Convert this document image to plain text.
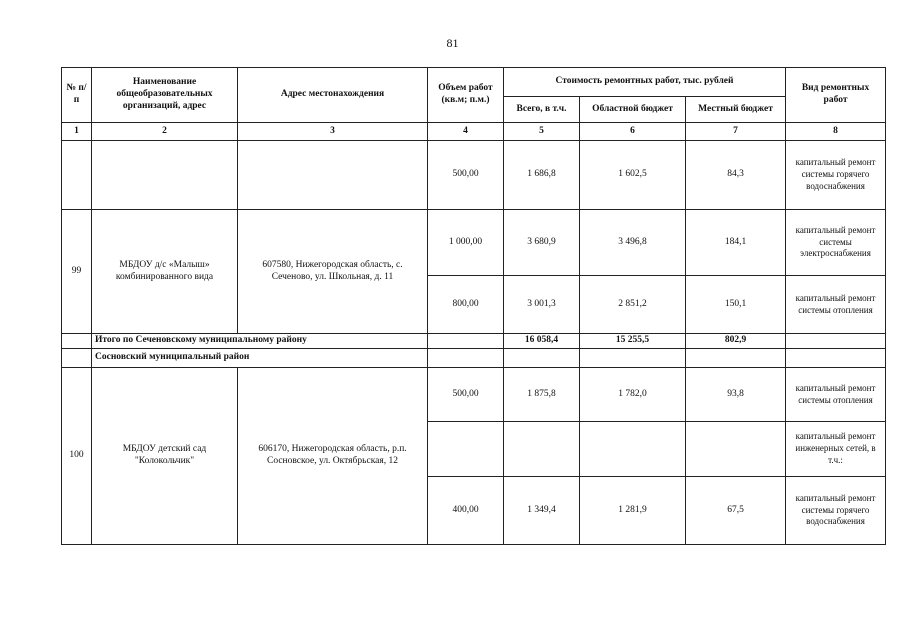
81
№ п/п	Наименование общеобразовательных организаций, адрес	Адрес местонахождения	Объем работ (кв.м; п.м.)	Стоимость ремонтных работ, тыс. рублей			Вид ремонтных работ
				Всего, в т.ч.	Областной бюджет	Местный бюджет	
1	2	3	4	5	6	7	8
			500,00	1 686,8	1 602,5	84,3	капитальный ремонт системы горячего водоснабжения
99	МБДОУ д/с «Малыш» комбинированного вида	607580, Нижегородская область, с. Сеченово, ул. Школьная, д. 11	1 000,00	3 680,9	3 496,8	184,1	капитальный ремонт системы электроснабжения
			800,00	3 001,3	2 851,2	150,1	капитальный ремонт системы отопления
	Итого по Сеченовскому муниципальному району			16 058,4	15 255,5	802,9	
	Сосновский муниципальный район						
100	МБДОУ детский сад "Колокольчик"	606170, Нижегородская область, р.п. Сосновское, ул. Октябрьская, 12	500,00	1 875,8	1 782,0	93,8	капитальный ремонт системы отопления
							капитальный ремонт инженерных сетей, в т.ч.:
			400,00	1 349,4	1 281,9	67,5	капитальный ремонт системы горячего водоснабжения
